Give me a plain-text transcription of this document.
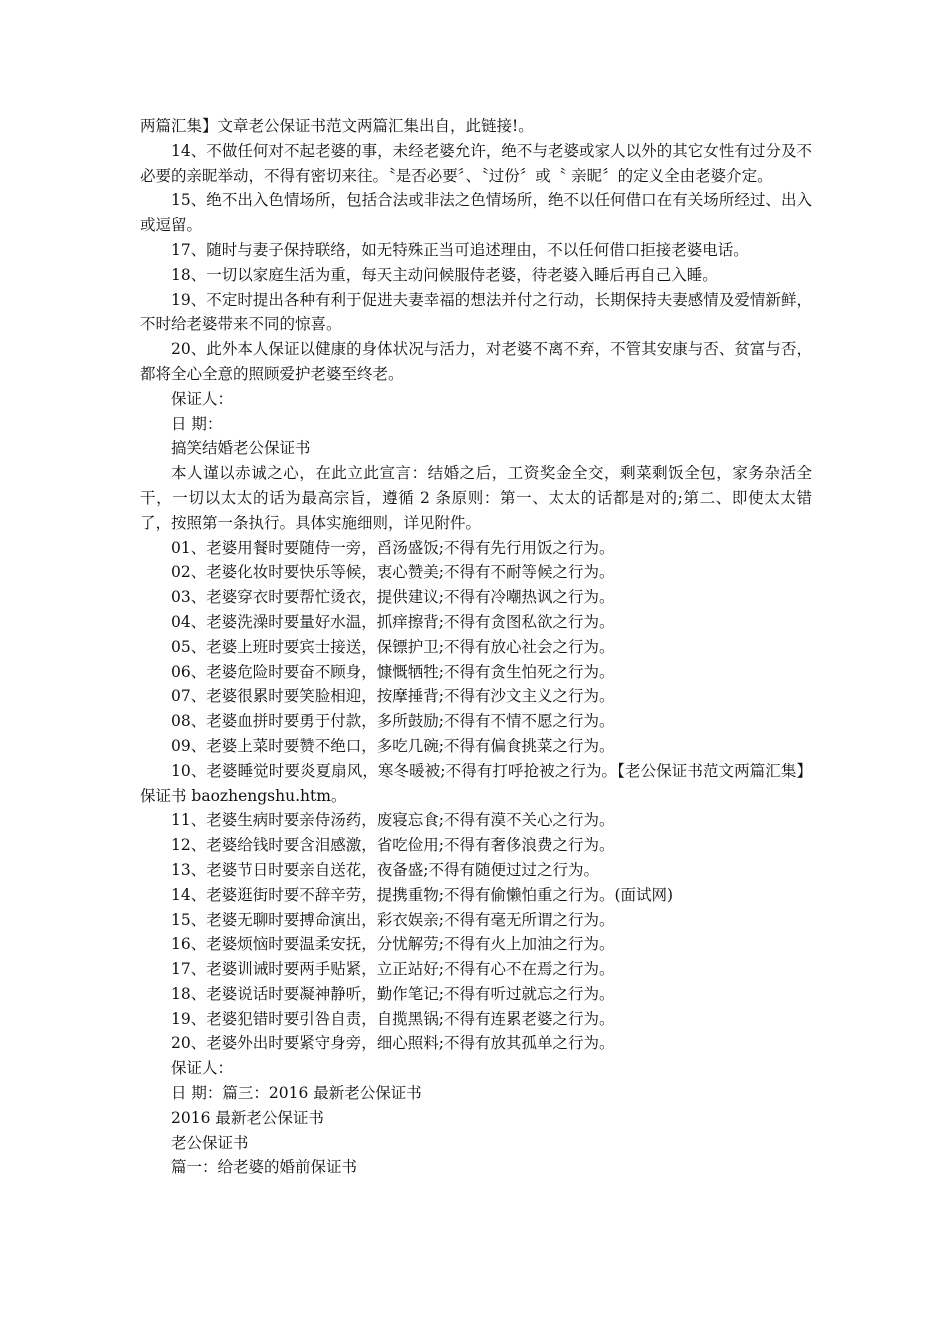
两篇汇集】文章老公保证书范文两篇汇集出自，此链接!。

14、不做任何对不起老婆的事，未经老婆允许，绝不与老婆或家人以外的其它女性有过分及不必要的亲昵举动，不得有密切来往。〝是否必要〞、〝过份〞或〝 亲昵〞的定义全由老婆介定。

15、绝不出入色情场所，包括合法或非法之色情场所，绝不以任何借口在有关场所经过、出入或逗留。

17、随时与妻子保持联络，如无特殊正当可追述理由，不以任何借口拒接老婆电话。

18、一切以家庭生活为重，每天主动问候服侍老婆，待老婆入睡后再自己入睡。

19、不定时提出各种有利于促进夫妻幸福的想法并付之行动，长期保持夫妻感情及爱情新鲜，不时给老婆带来不同的惊喜。

20、此外本人保证以健康的身体状况与活力，对老婆不离不弃，不管其安康与否、贫富与否，都将全心全意的照顾爱护老婆至终老。

保证人：

日 期：

搞笑结婚老公保证书

本人谨以赤诚之心，在此立此宣言：结婚之后，工资奖金全交，剩菜剩饭全包，家务杂活全干，一切以太太的话为最高宗旨，遵循 2 条原则：第一、太太的话都是对的;第二、即使太太错了，按照第一条执行。具体实施细则，详见附件。

01、老婆用餐时要随侍一旁，舀汤盛饭;不得有先行用饭之行为。

02、老婆化妆时要快乐等候，衷心赞美;不得有不耐等候之行为。

03、老婆穿衣时要帮忙烫衣，提供建议;不得有冷嘲热讽之行为。

04、老婆洗澡时要量好水温，抓痒擦背;不得有贪图私欲之行为。

05、老婆上班时要宾士接送，保镖护卫;不得有放心社会之行为。

06、老婆危险时要奋不顾身，慷慨牺牲;不得有贪生怕死之行为。

07、老婆很累时要笑脸相迎，按摩捶背;不得有沙文主义之行为。

08、老婆血拼时要勇于付款，多所鼓励;不得有不情不愿之行为。

09、老婆上菜时要赞不绝口，多吃几碗;不得有偏食挑菜之行为。

10、老婆睡觉时要炎夏扇风，寒冬暖被;不得有打呼抢被之行为。【老公保证书范文两篇汇集】保证书 baozhengshu.htm。

11、老婆生病时要亲侍汤药，废寝忘食;不得有漠不关心之行为。

12、老婆给钱时要含泪感激，省吃俭用;不得有奢侈浪费之行为。

13、老婆节日时要亲自送花，夜备盛;不得有随便过过之行为。

14、老婆逛街时要不辞辛劳，提携重物;不得有偷懒怕重之行为。(面试网)

15、老婆无聊时要搏命演出，彩衣娱亲;不得有毫无所谓之行为。

16、老婆烦恼时要温柔安抚，分忧解劳;不得有火上加油之行为。

17、老婆训诫时要两手贴紧，立正站好;不得有心不在焉之行为。

18、老婆说话时要凝神静听，勤作笔记;不得有听过就忘之行为。

19、老婆犯错时要引咎自责，自揽黑锅;不得有连累老婆之行为。

20、老婆外出时要紧守身旁，细心照料;不得有放其孤单之行为。

保证人：

日 期：篇三：2016 最新老公保证书

2016 最新老公保证书

老公保证书

篇一：给老婆的婚前保证书
